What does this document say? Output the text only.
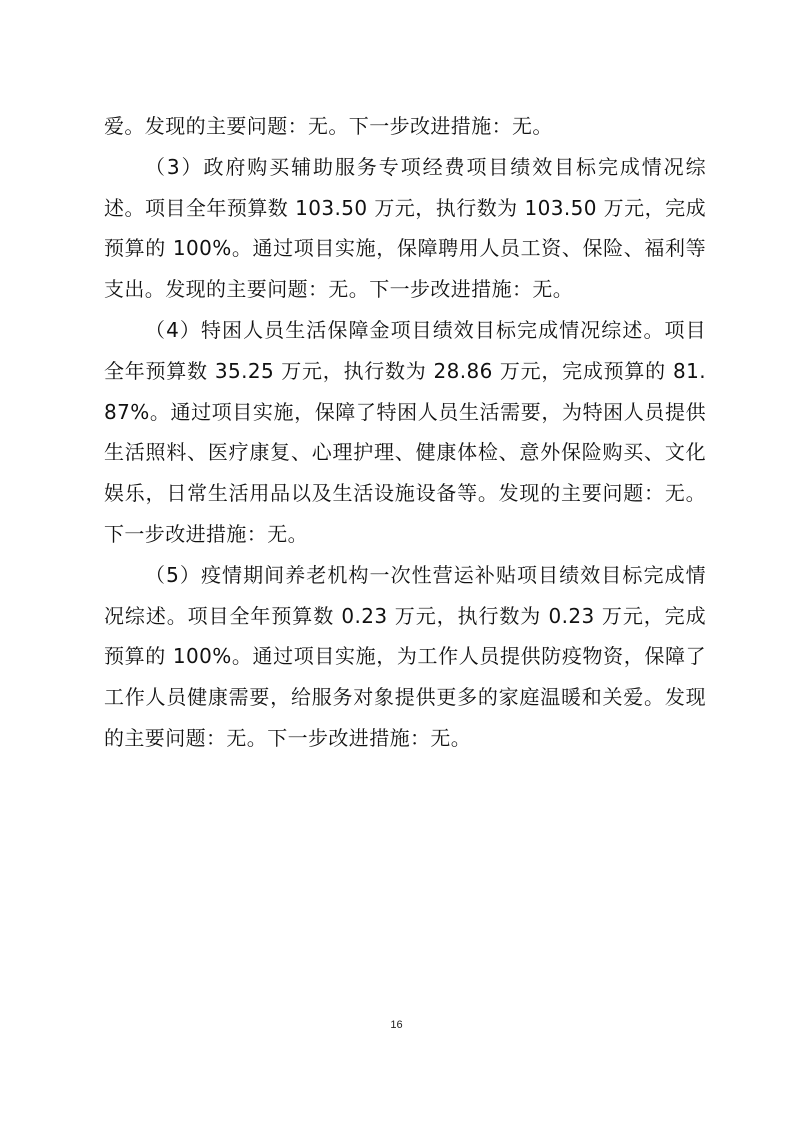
爱。发现的主要问题：无。下一步改进措施：无。

（3）政府购买辅助服务专项经费项目绩效目标完成情况综述。项目全年预算数 103.50 万元，执行数为 103.50 万元，完成预算的 100%。通过项目实施，保障聘用人员工资、保险、福利等支出。发现的主要问题：无。下一步改进措施：无。

（4）特困人员生活保障金项目绩效目标完成情况综述。项目全年预算数 35.25 万元，执行数为 28.86 万元，完成预算的 81.87%。通过项目实施，保障了特困人员生活需要，为特困人员提供生活照料、医疗康复、心理护理、健康体检、意外保险购买、文化娱乐，日常生活用品以及生活设施设备等。发现的主要问题：无。下一步改进措施：无。

（5）疫情期间养老机构一次性营运补贴项目绩效目标完成情况综述。项目全年预算数 0.23 万元，执行数为 0.23 万元，完成预算的 100%。通过项目实施，为工作人员提供防疫物资，保障了工作人员健康需要，给服务对象提供更多的家庭温暖和关爱。发现的主要问题：无。下一步改进措施：无。

16
